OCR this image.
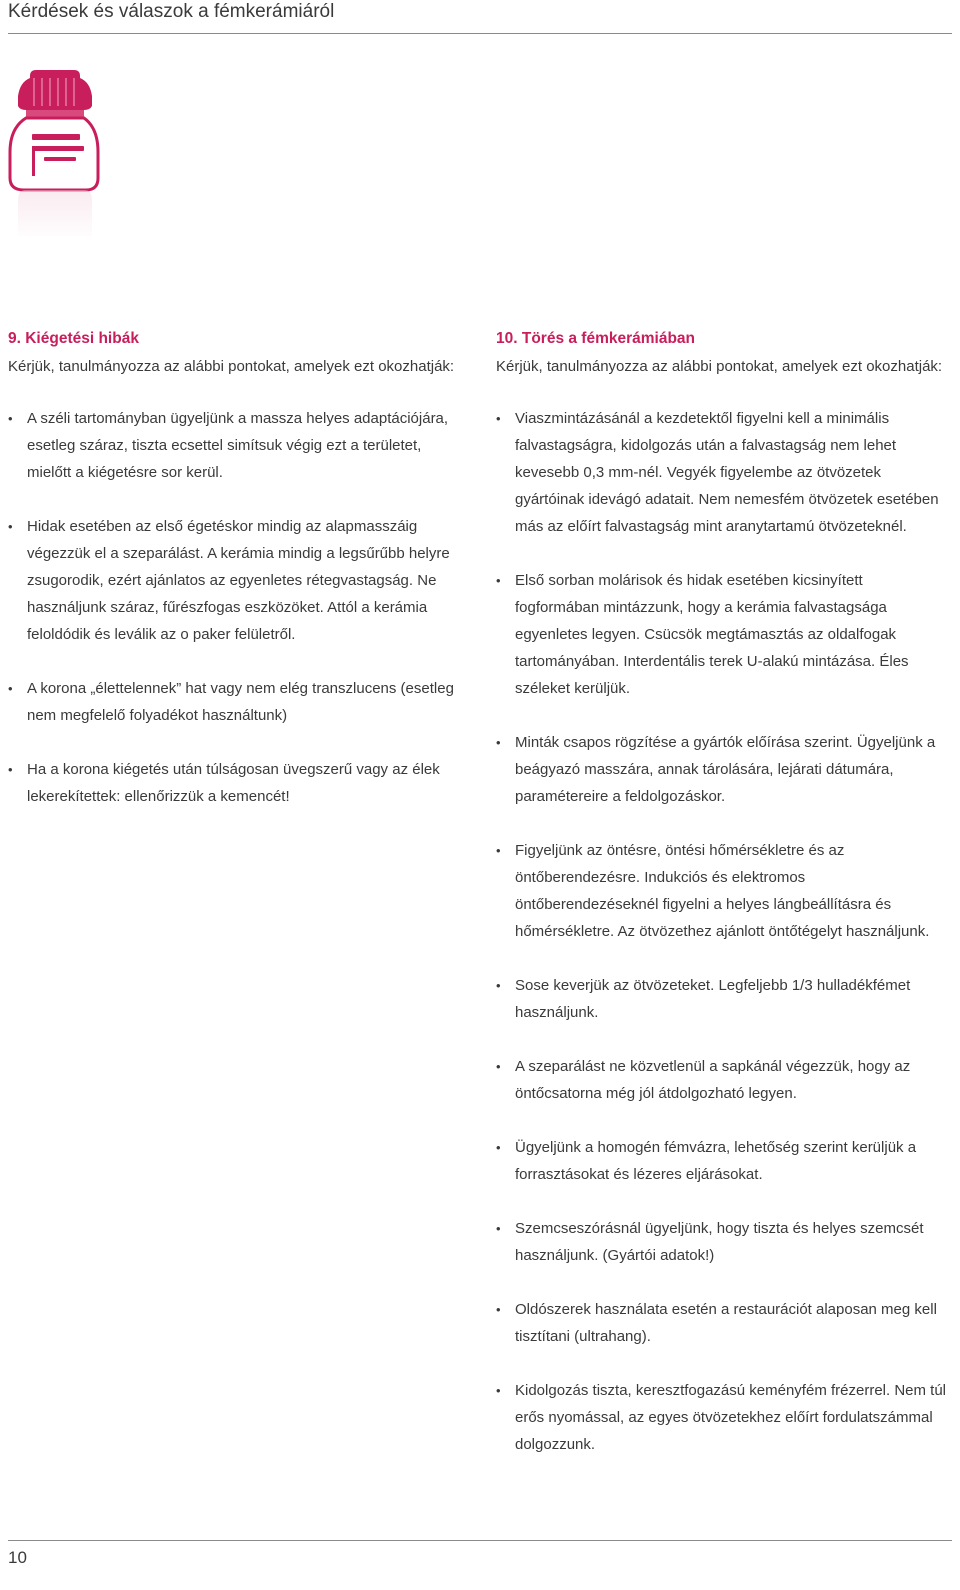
Kérdések és válaszok a fémkerámiáról
9. Kiégetési hibák

Kérjük, tanulmányozza az alábbi pontokat, amelyek ezt okozhatják:

• A széli tartományban ügyeljünk a massza helyes adaptációjára, esetleg száraz, tiszta ecsettel simítsuk végig ezt a területet, mielőtt a kiégetésre sor kerül.
• Hidak esetében az első égetéskor mindig az alapmasszáig végezzük el a szeparálást. A kerámia mindig a legsűrűbb helyre zsugorodik, ezért ajánlatos az egyenletes rétegvastagság. Ne használjunk száraz, fűrészfogas eszközöket. Attól a kerámia feloldódik és leválik az o paker felületről.
• A korona „élettelennek” hat vagy nem elég transzlucens (esetleg nem megfelelő folyadékot használtunk)
• Ha a korona kiégetés után túlságosan üvegszerű vagy az élek lekerekítettek: ellenőrizzük a kemencét!
10. Törés a fémkerámiában

Kérjük, tanulmányozza az alábbi pontokat, amelyek ezt okozhatják:

• Viaszmintázásánál a kezdetektől figyelni kell a minimális falvastagságra, kidolgozás után a falvastagság nem lehet kevesebb 0,3 mm-nél. Vegyék figyelembe az ötvözetek gyártóinak idevágó adatait. Nem nemesfém ötvözetek esetében más az előírt falvastagság mint aranytartamú ötvözeteknél.
• Első sorban molárisok és hidak esetében kicsinyített fogformában mintázzunk, hogy a kerámia falvastagsága egyenletes legyen. Csücsök megtámasztás az oldalfogak tartományában. Interdentális terek U-alakú mintázása. Éles széleket kerüljük.
• Minták csapos rögzítése a gyártók előírása szerint. Ügyeljünk a beágyazó masszára, annak tárolására, lejárati dátumára, paramétereire a feldolgozáskor.
• Figyeljünk az öntésre, öntési hőmérsékletre és az öntőberendezésre. Indukciós és elektromos öntőberendezéseknél figyelni a helyes lángbeállításra és hőmérsékletre. Az ötvözethez ajánlott öntőtégelyt használjunk.
• Sose keverjük az ötvözeteket. Legfeljebb 1/3 hulladékfémet használjunk.
• A szeparálást ne közvetlenül a sapkánál végezzük, hogy az öntőcsatorna még jól átdolgozható legyen.
• Ügyeljünk a homogén fémvázra, lehetőség szerint kerüljük a forrasztásokat és lézeres eljárásokat.
• Szemcseszórásnál ügyeljünk, hogy tiszta és helyes szemcsét használjunk. (Gyártói adatok!)
• Oldószerek használata esetén a restaurációt alaposan meg kell tisztítani (ultrahang).
• Kidolgozás tiszta, keresztfogazású keményfém frézerrel. Nem túl erős nyomással, az egyes ötvözetekhez előírt fordulatszámmal dolgozzunk.
10
